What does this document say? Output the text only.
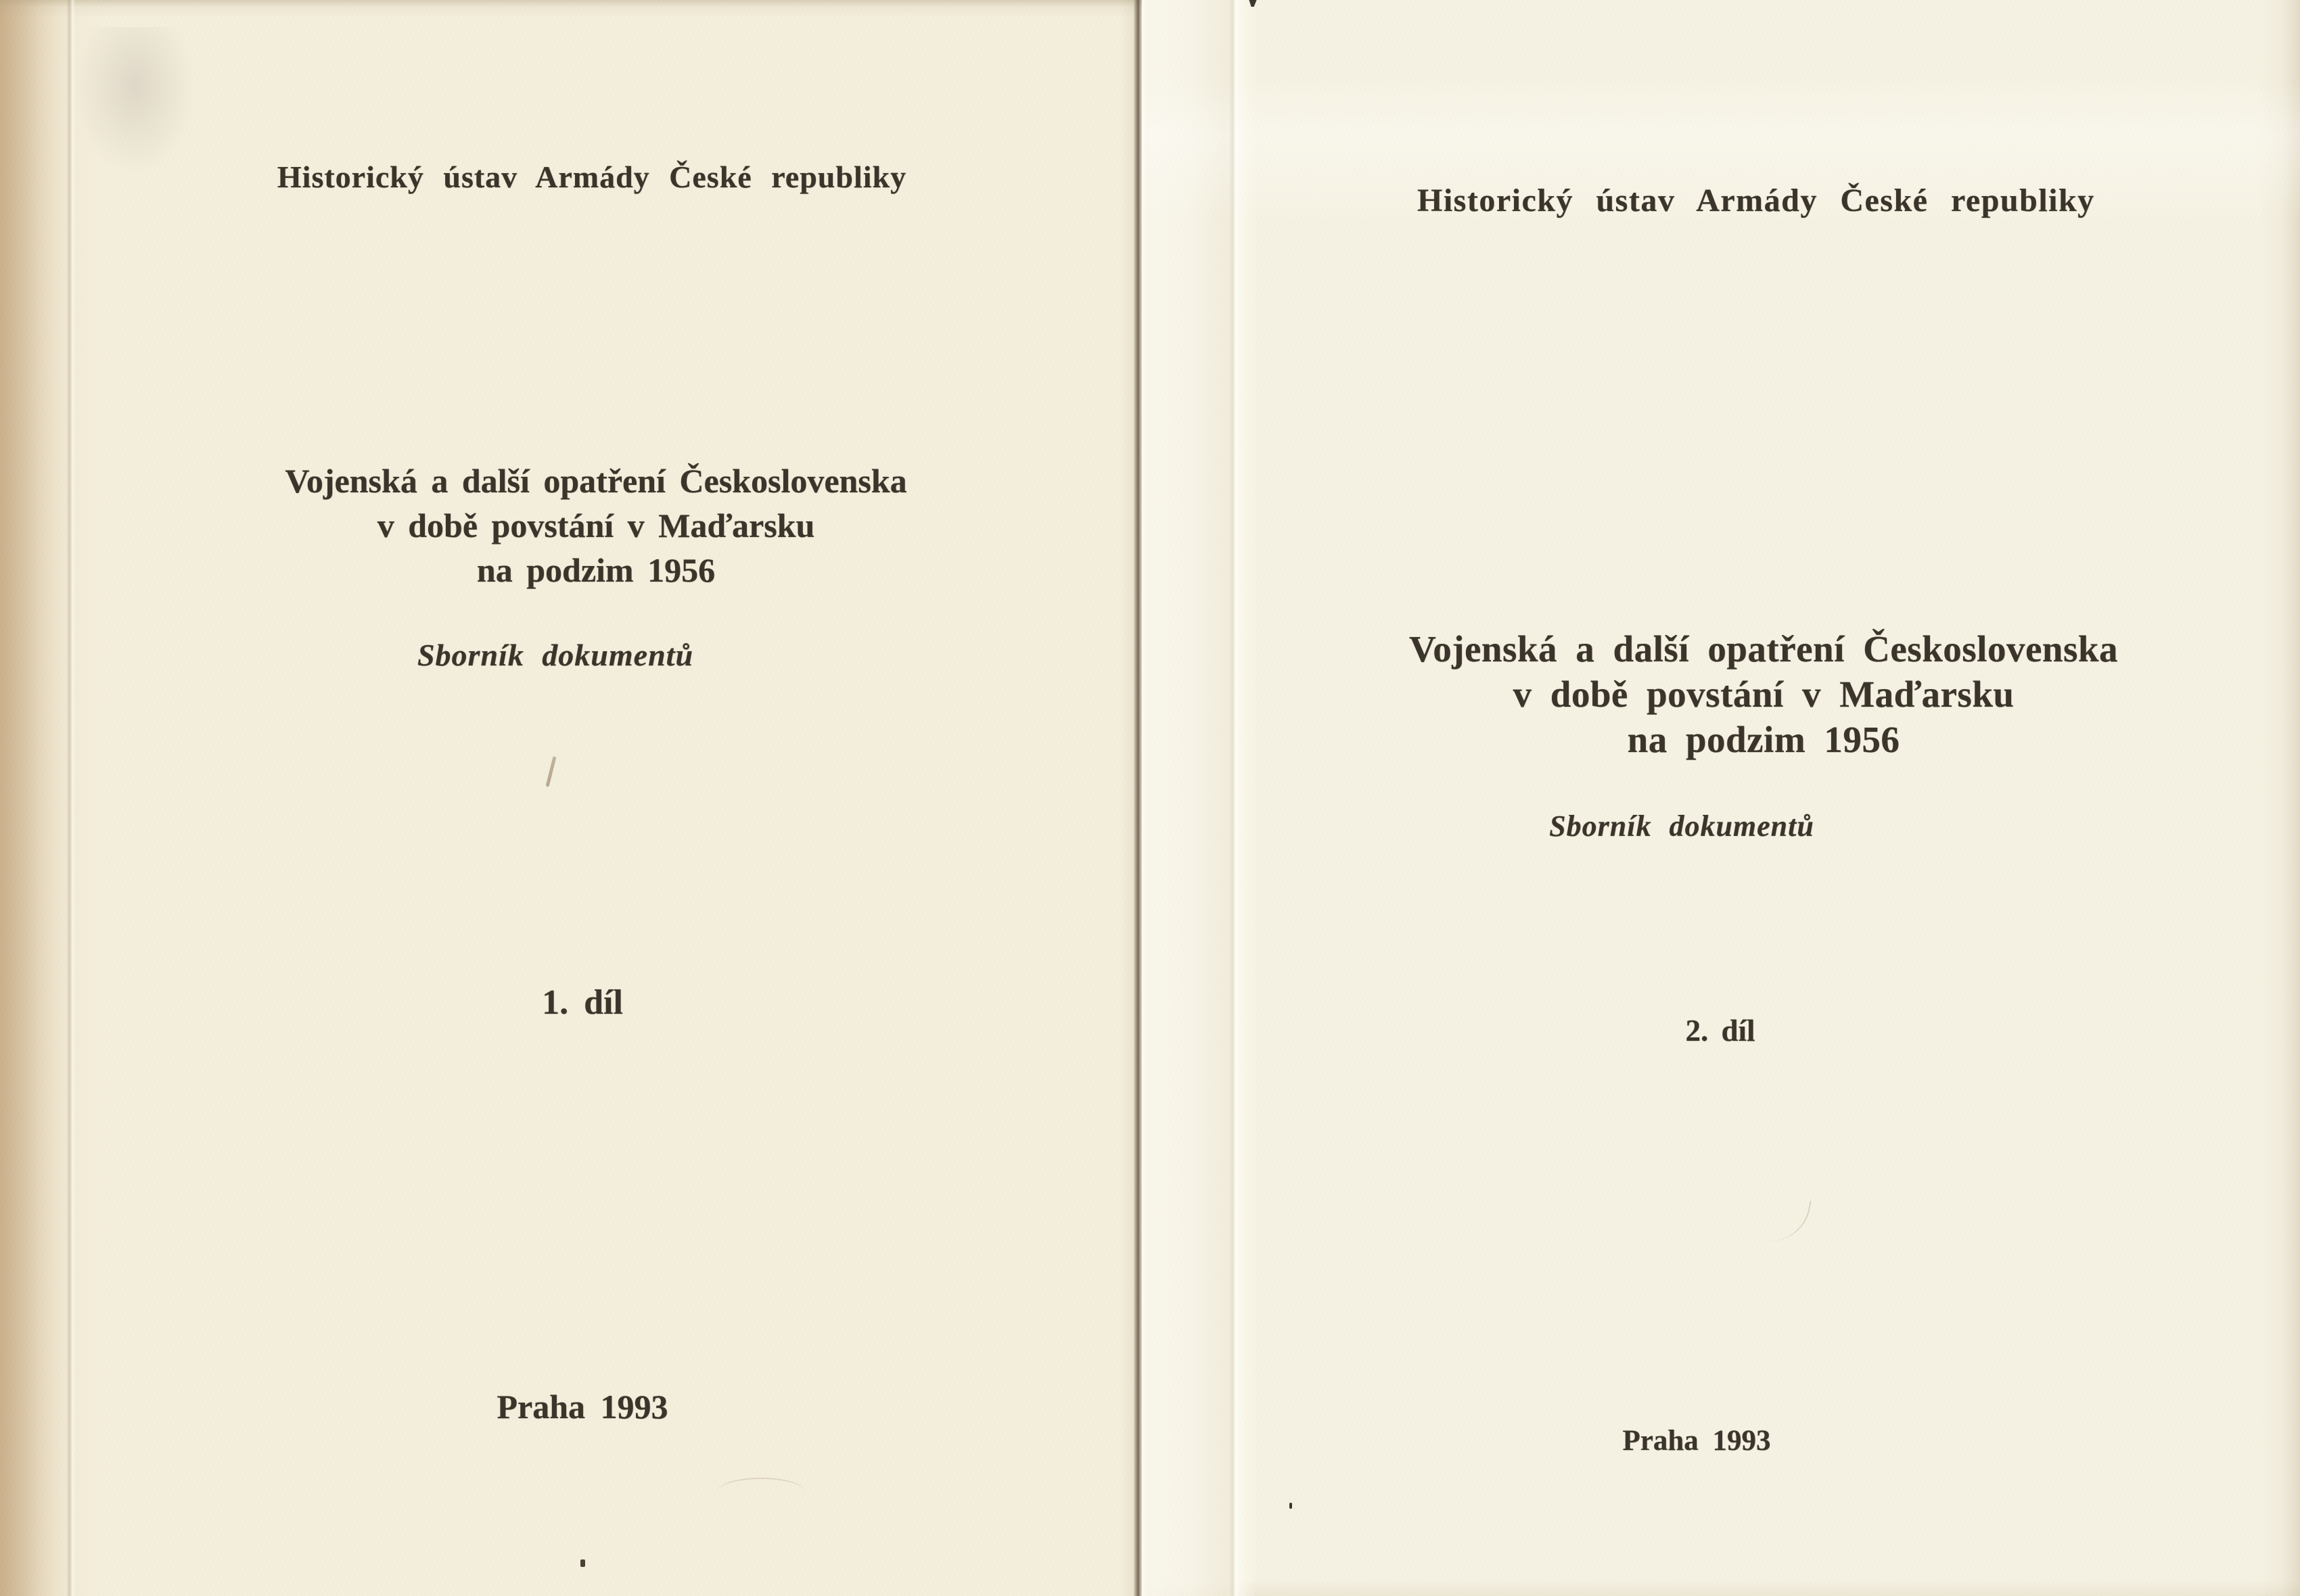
Historický ústav Armády České republiky
Vojenská a další opatření Československa
v době povstání v Maďarsku
na podzim 1956
Sborník dokumentů
1. díl
Praha 1993
Historický ústav Armády České republiky
Vojenská a další opatření Československa
v době povstání v Maďarsku
na podzim 1956
Sborník dokumentů
2. díl
Praha 1993
